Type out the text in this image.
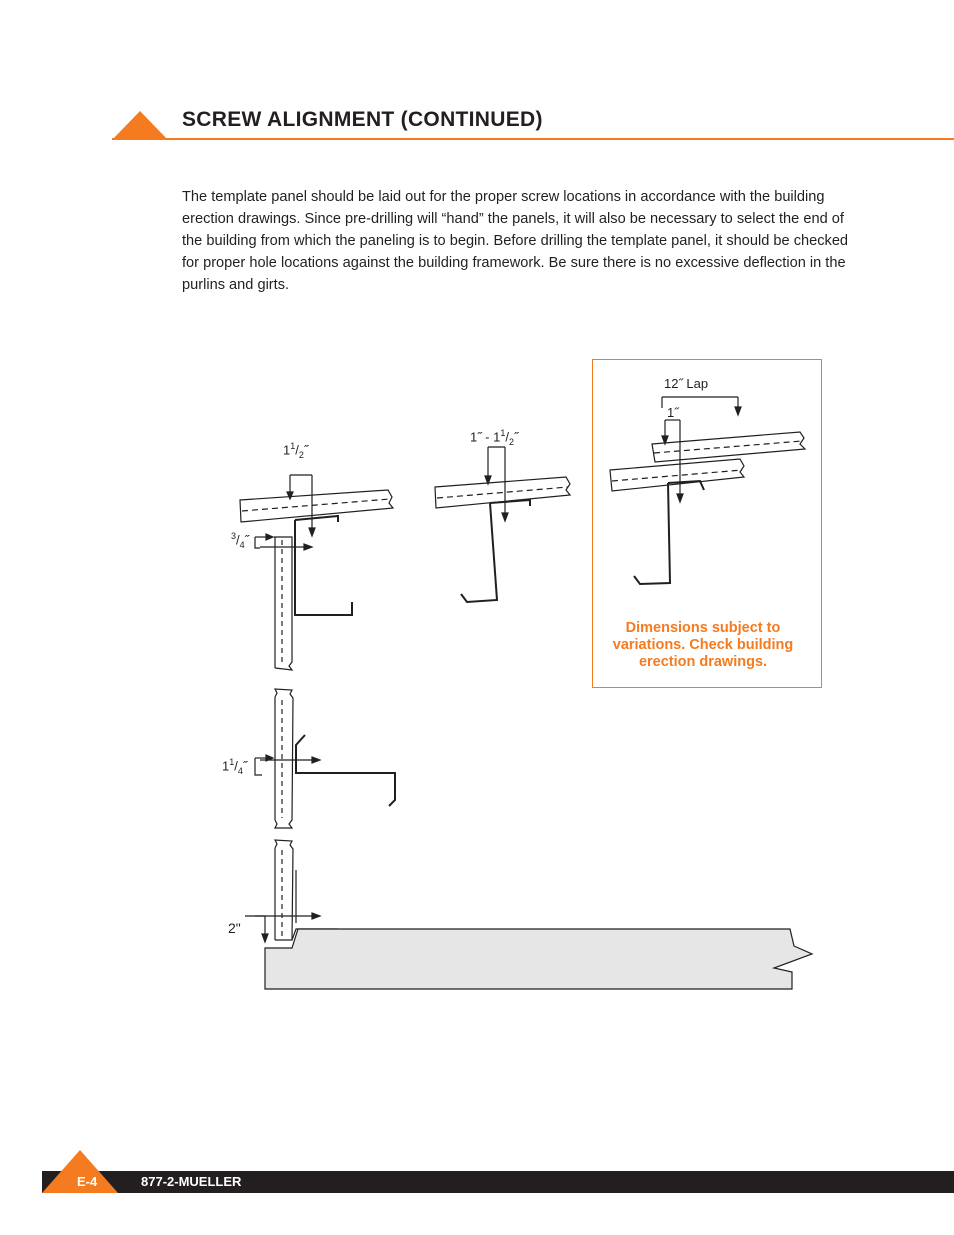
SCREW ALIGNMENT (CONTINUED)

The template panel should be laid out for the proper screw locations in accordance with the building erection drawings. Since pre-drilling will “hand” the panels, it will also be necessary to select the end of the building from which the paneling is to begin. Before drilling the template panel, it should be checked for proper hole locations against the building framework. Be sure there is no excessive deflection in the purlins and girts.

$1^1/_2˝$
$^3/_4˝$
1˝ - $1^1/_2˝$
12˝ Lap
1˝
Dimensions subject to variations. Check building erection drawings.
$1^1/_4˝$
2"
E-4	877-2-MUELLER
